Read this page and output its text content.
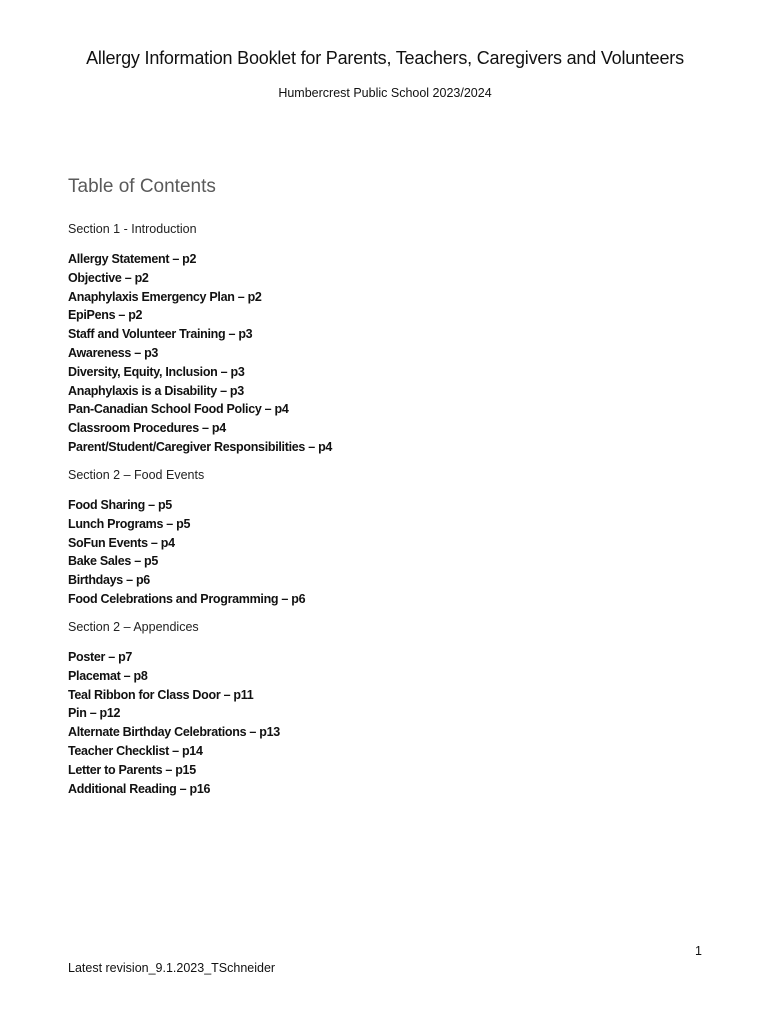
Allergy Information Booklet for Parents, Teachers, Caregivers and Volunteers
Humbercrest Public School 2023/2024
Table of Contents
Section 1 - Introduction
Allergy Statement – p2
Objective – p2
Anaphylaxis Emergency Plan – p2
EpiPens – p2
Staff and Volunteer Training – p3
Awareness – p3
Diversity, Equity, Inclusion – p3
Anaphylaxis is a Disability – p3
Pan-Canadian School Food Policy – p4
Classroom Procedures – p4
Parent/Student/Caregiver Responsibilities – p4
Section 2 – Food Events
Food Sharing – p5
Lunch Programs – p5
SoFun Events – p4
Bake Sales – p5
Birthdays – p6
Food Celebrations and Programming – p6
Section 2 – Appendices
Poster – p7
Placemat – p8
Teal Ribbon for Class Door – p11
Pin – p12
Alternate Birthday Celebrations – p13
Teacher Checklist – p14
Letter to Parents – p15
Additional Reading – p16
1
Latest revision_9.1.2023_TSchneider
